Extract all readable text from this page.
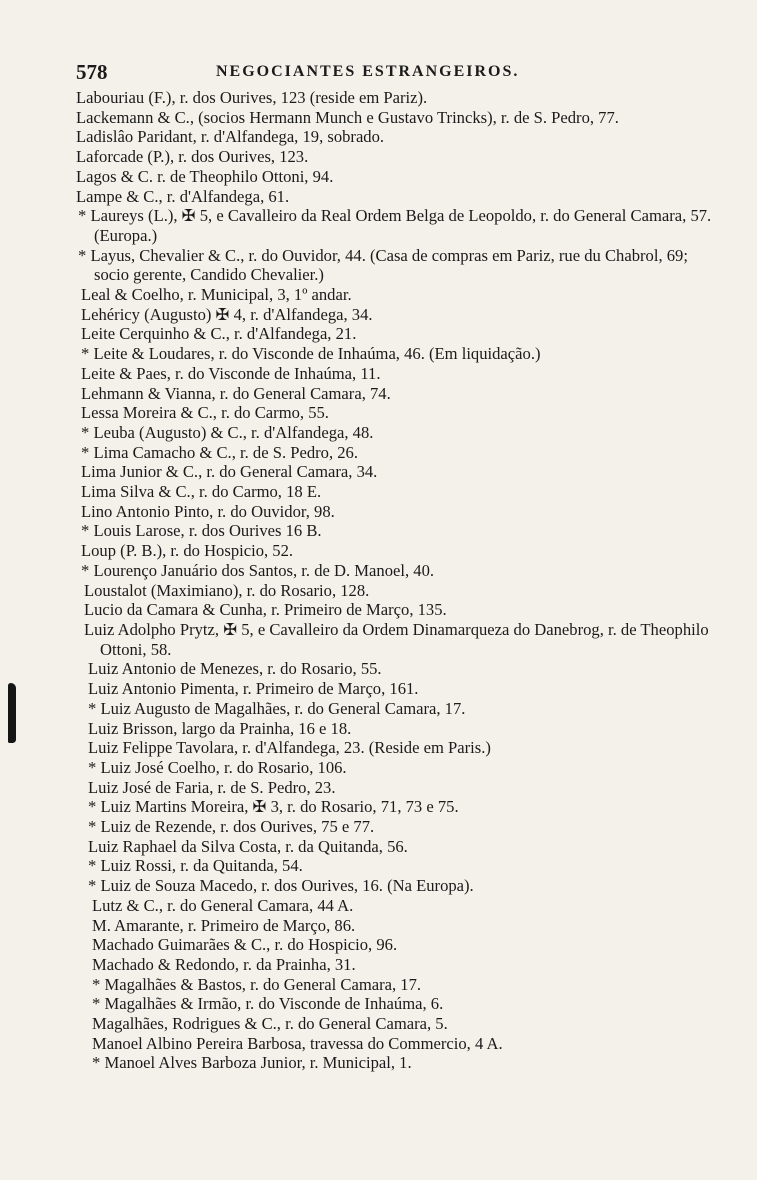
578	NEGOCIANTES ESTRANGEIROS.
Labouriau (F.), r. dos Ourives, 123 (reside em Pariz).
Lackemann & C., (socios Hermann Munch e Gustavo Trincks), r. de S. Pedro, 77.
Ladislâo Paridant, r. d'Alfandega, 19, sobrado.
Laforcade (P.), r. dos Ourives, 123.
Lagos & C. r. de Theophilo Ottoni, 94.
Lampe & C., r. d'Alfandega, 61.
* Laureys (L.), ✠ 5, e Cavalleiro da Real Ordem Belga de Leopoldo, r. do General Camara, 57. (Europa.)
* Layus, Chevalier & C., r. do Ouvidor, 44. (Casa de compras em Pariz, rue du Chabrol, 69; socio gerente, Candido Chevalier.)
Leal & Coelho, r. Municipal, 3, 1º andar.
Lehéricy (Augusto) ✠ 4, r. d'Alfandega, 34.
Leite Cerquinho & C., r. d'Alfandega, 21.
* Leite & Loudares, r. do Visconde de Inhaúma, 46. (Em liquidação.)
Leite & Paes, r. do Visconde de Inhaúma, 11.
Lehmann & Vianna, r. do General Camara, 74.
Lessa Moreira & C., r. do Carmo, 55.
* Leuba (Augusto) & C., r. d'Alfandega, 48.
* Lima Camacho & C., r. de S. Pedro, 26.
Lima Junior & C., r. do General Camara, 34.
Lima Silva & C., r. do Carmo, 18 E.
Lino Antonio Pinto, r. do Ouvidor, 98.
* Louis Larose, r. dos Ourives 16 B.
Loup (P. B.), r. do Hospicio, 52.
* Lourenço Januário dos Santos, r. de D. Manoel, 40.
Loustalot (Maximiano), r. do Rosario, 128.
Lucio da Camara & Cunha, r. Primeiro de Março, 135.
Luiz Adolpho Prytz, ✠ 5, e Cavalleiro da Ordem Dinamarqueza do Danebrog, r. de Theophilo Ottoni, 58.
Luiz Antonio de Menezes, r. do Rosario, 55.
Luiz Antonio Pimenta, r. Primeiro de Março, 161.
* Luiz Augusto de Magalhães, r. do General Camara, 17.
Luiz Brisson, largo da Prainha, 16 e 18.
Luiz Felippe Tavolara, r. d'Alfandega, 23. (Reside em Paris.)
* Luiz José Coelho, r. do Rosario, 106.
Luiz José de Faria, r. de S. Pedro, 23.
* Luiz Martins Moreira, ✠ 3, r. do Rosario, 71, 73 e 75.
* Luiz de Rezende, r. dos Ourives, 75 e 77.
Luiz Raphael da Silva Costa, r. da Quitanda, 56.
* Luiz Rossi, r. da Quitanda, 54.
* Luiz de Souza Macedo, r. dos Ourives, 16. (Na Europa).
Lutz & C., r. do General Camara, 44 A.
M. Amarante, r. Primeiro de Março, 86.
Machado Guimarães & C., r. do Hospicio, 96.
Machado & Redondo, r. da Prainha, 31.
* Magalhães & Bastos, r. do General Camara, 17.
* Magalhães & Irmão, r. do Visconde de Inhaúma, 6.
Magalhães, Rodrigues & C., r. do General Camara, 5.
Manoel Albino Pereira Barbosa, travessa do Commercio, 4 A.
* Manoel Alves Barboza Junior, r. Municipal, 1.
